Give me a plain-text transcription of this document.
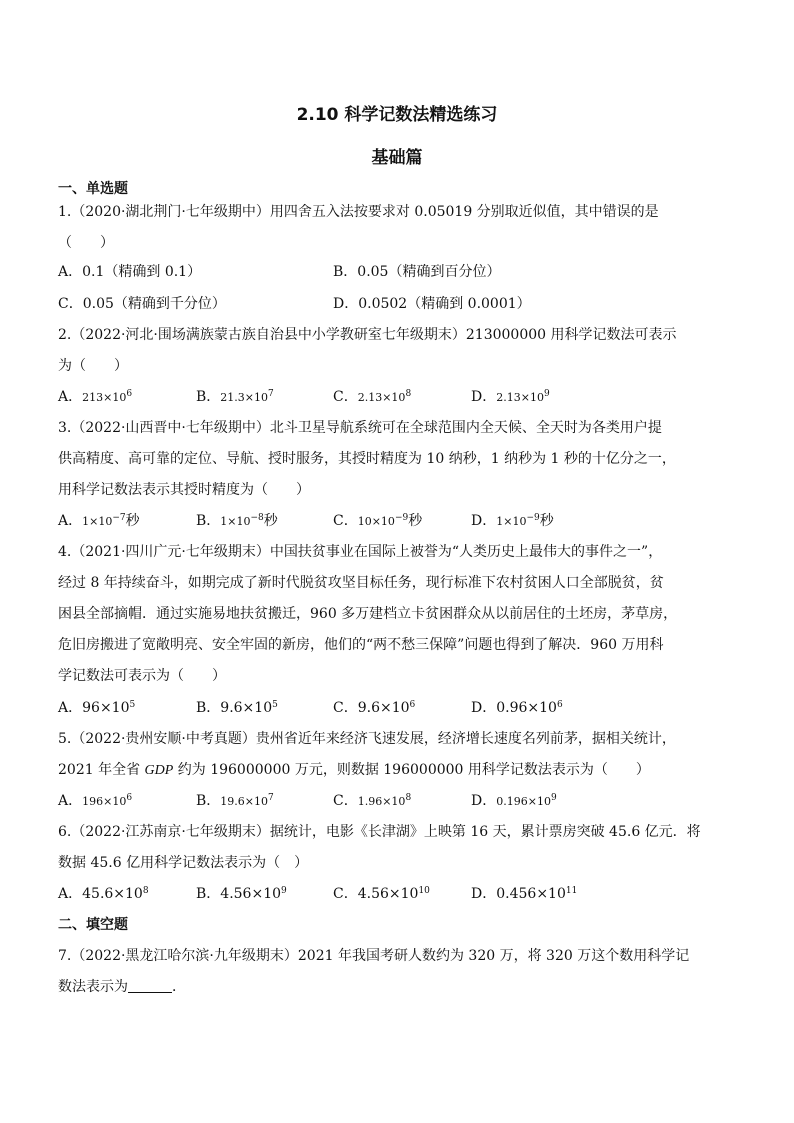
2.10 科学记数法精选练习
基础篇
一、单选题
1.（2020·湖北荆门·七年级期中）用四舍五入法按要求对 0.05019 分别取近似值，其中错误的是
（　　）
A．0.1（精确到 0.1）	B．0.05（精确到百分位）
C．0.05（精确到千分位）	D．0.0502（精确到 0.0001）
2.（2022·河北·围场满族蒙古族自治县中小学教研室七年级期末）213000000 用科学记数法可表示
为（　　）
A．$213\times 10^6$	B．$21.3\times 10^7$	C．$2.13\times 10^8$	D．$2.13\times 10^9$
3.（2022·山西晋中·七年级期中）北斗卫星导航系统可在全球范围内全天候、全天时为各类用户提
供高精度、高可靠的定位、导航、授时服务，其授时精度为 10 纳秒，1 纳秒为 1 秒的十亿分之一，
用科学记数法表示其授时精度为（　　）
A．$1\times 10^{-7}$秒	B．$1\times 10^{-8}$秒	C．$10\times 10^{-9}$秒	D．$1\times 10^{-9}$秒
4.（2021·四川广元·七年级期末）中国扶贫事业在国际上被誉为“人类历史上最伟大的事件之一”，
经过 8 年持续奋斗，如期完成了新时代脱贫攻坚目标任务，现行标准下农村贫困人口全部脱贫，贫
困县全部摘帽．通过实施易地扶贫搬迁，960 多万建档立卡贫困群众从以前居住的土坯房，茅草房，
危旧房搬进了宽敞明亮、安全牢固的新房，他们的“两不愁三保障”问题也得到了解决．960 万用科
学记数法可表示为（　　）
A．$96\times 10^5$	B．$9.6\times 10^5$	C．$9.6\times 10^6$	D．$0.96\times 10^6$
5.（2022·贵州安顺·中考真题）贵州省近年来经济飞速发展，经济增长速度名列前茅，据相关统计，
2021 年全省 GDP 约为 196000000 万元，则数据 196000000 用科学记数法表示为（　　）
A．$196\times 10^6$	B．$19.6\times 10^7$	C．$1.96\times 10^8$	D．$0.196\times 10^9$
6.（2022·江苏南京·七年级期末）据统计，电影《长津湖》上映第 16 天，累计票房突破 45.6 亿元．将
数据 45.6 亿用科学记数法表示为（　）
A．$45.6\times 10^8$	B．$4.56\times 10^9$	C．$4.56\times 10^{10}$	D．$0.456\times 10^{11}$
二、填空题
7.（2022·黑龙江哈尔滨·九年级期末）2021 年我国考研人数约为 320 万，将 320 万这个数用科学记
数法表示为	．
